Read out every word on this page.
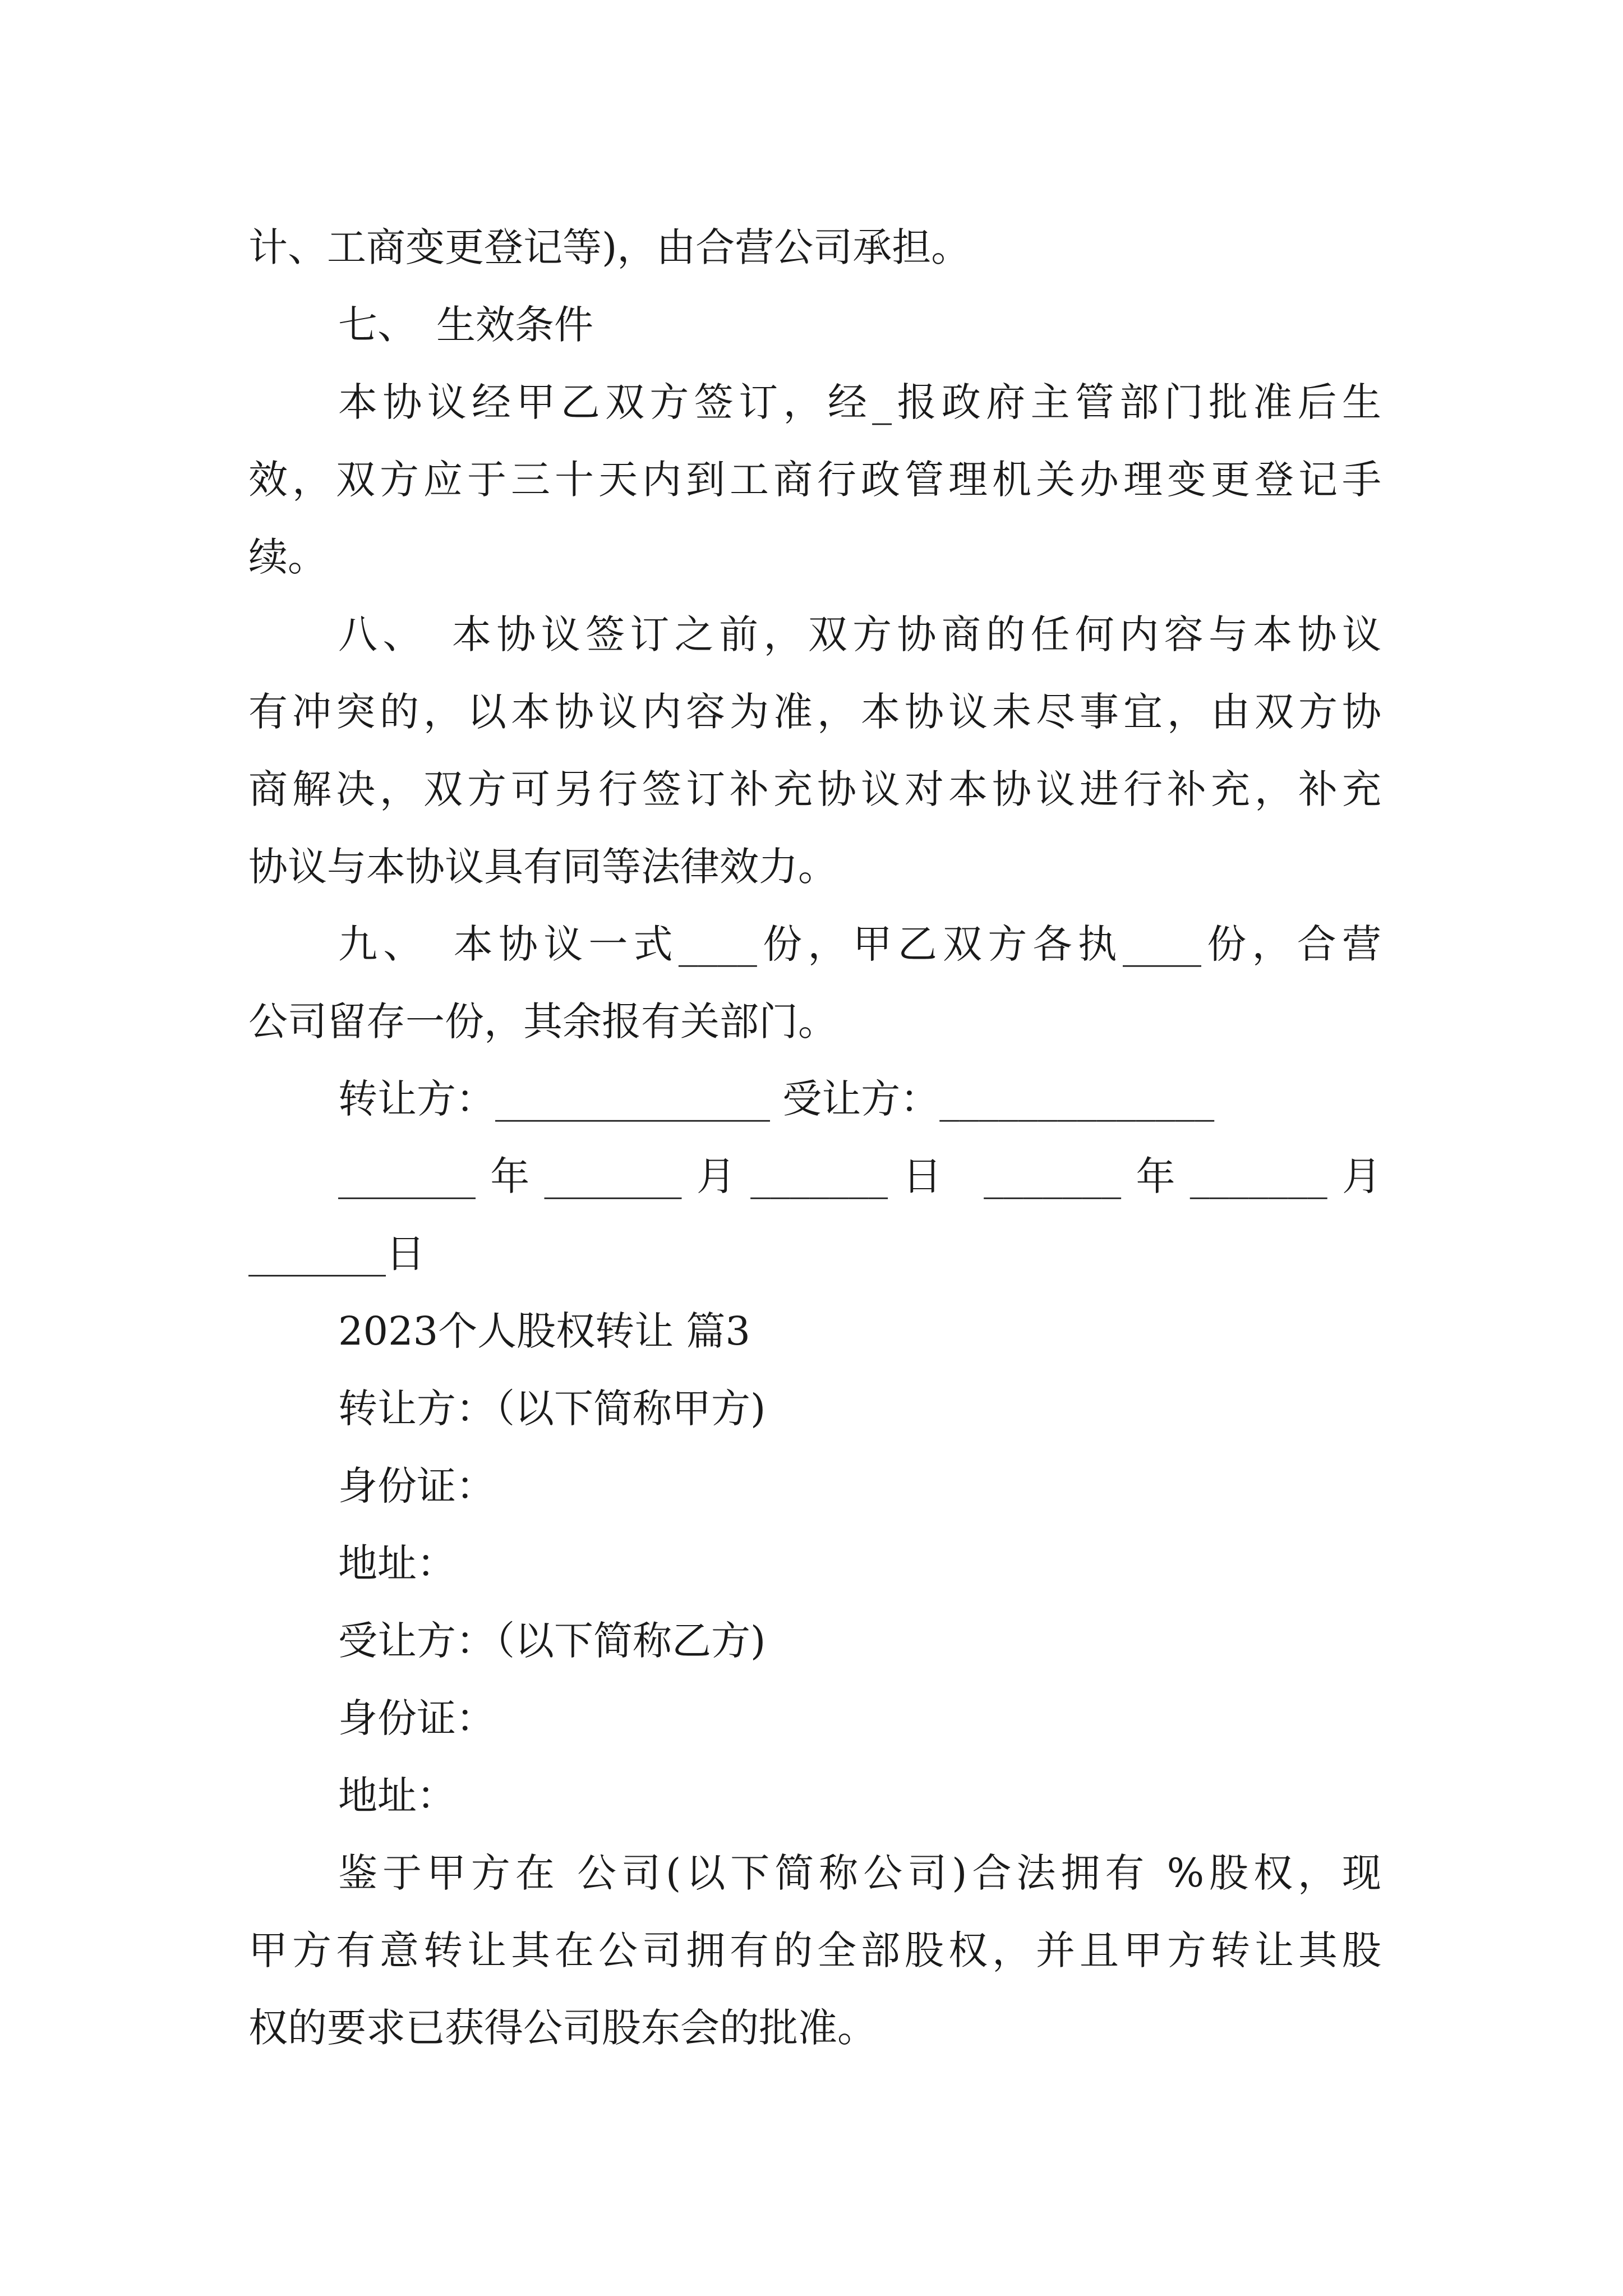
计、工商变更登记等)，由合营公司承担。
七、　生效条件
本协议经甲乙双方签订，经_报政府主管部门批准后生
效，双方应于三十天内到工商行政管理机关办理变更登记手
续。
八、　本协议签订之前，双方协商的任何内容与本协议
有冲突的，以本协议内容为准，本协议未尽事宜，由双方协
商解决，双方可另行签订补充协议对本协议进行补充，补充
协议与本协议具有同等法律效力。
九、　本协议一式____份，甲乙双方各执____份，合营
公司留存一份，其余报有关部门。
转让方：______________ 受让方：______________
_______年_______月_______日 _______年_______月
_______日
2023个人股权转让 篇3
转让方：（以下简称甲方)
身份证：
地址：
受让方：（以下简称乙方)
身份证：
地址：
鉴于甲方在 公司(以下简称公司)合法拥有 %股权，现
甲方有意转让其在公司拥有的全部股权，并且甲方转让其股
权的要求已获得公司股东会的批准。
